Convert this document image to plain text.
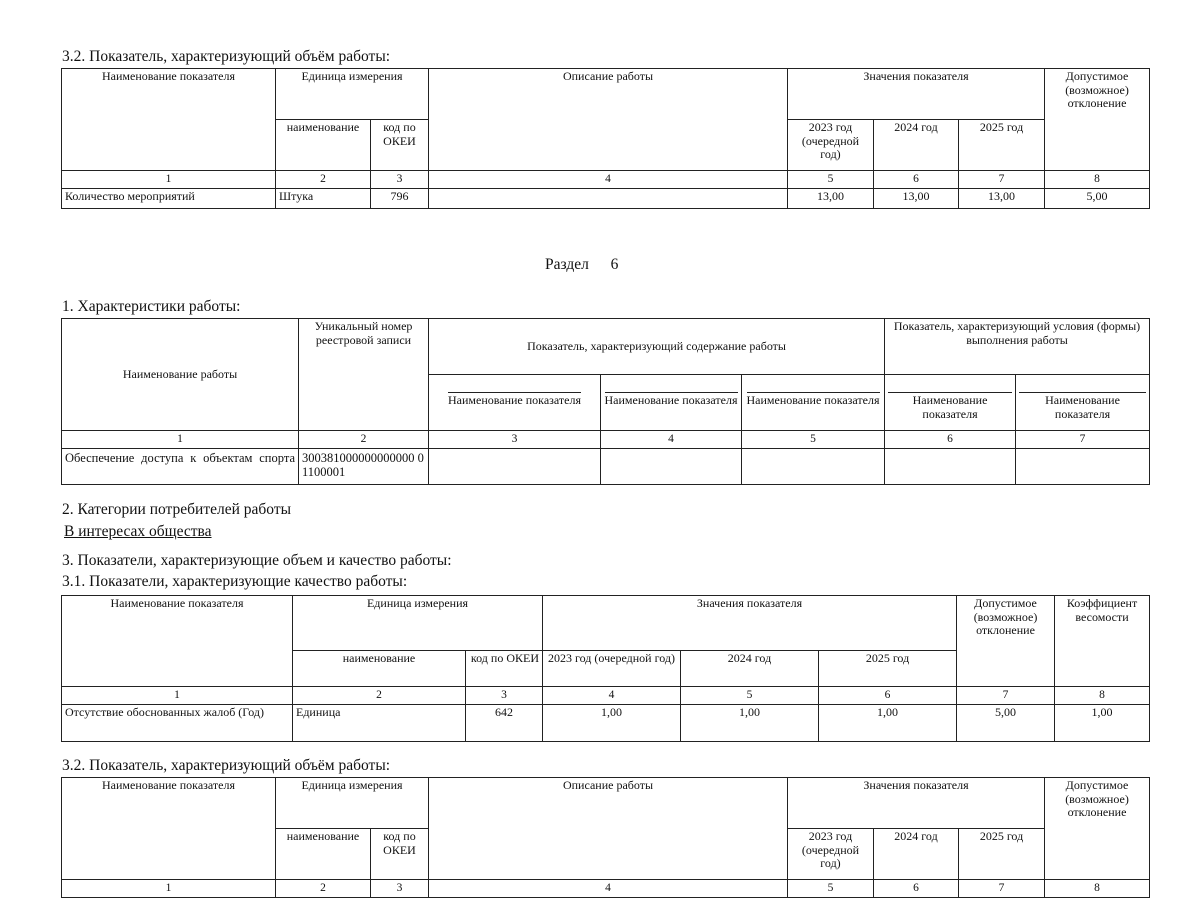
3.2. Показатель, характеризующий объём работы:
Наименование показателя	Единица измерения		Описание работы	Значения показателя			Допустимое (возможное) отклонение
	наименование	код по ОКЕИ		2023 год (очередной год)	2024 год	2025 год	
1	2	3	4	5	6	7	8
Количество мероприятий	Штука	796		13,00	13,00	13,00	5,00
Раздел 6
1. Характеристики работы:
Наименование работы	Уникальный номер реестровой записи	Показатель, характеризующий содержание работы			Показатель, характеризующий условия (формы) выполнения работы	
		Наименование показателя	Наименование показателя	Наименование показателя	Наименование показателя	Наименование показателя
1	2	3	4	5	6	7
Обеспечение доступа к объектам спорта	300381000000000000 01100001					
2. Категории потребителей работы
В интересах общества
3. Показатели, характеризующие объем и качество работы:
3.1. Показатели, характеризующие качество работы:
Наименование показателя	Единица измерения		Значения показателя			Допустимое (возможное) отклонение	Коэффициент весомости
	наименование	код по ОКЕИ	2023 год (очередной год)	2024 год	2025 год		
1	2	3	4	5	6	7	8
Отсутствие обоснованных жалоб (Год)	Единица	642	1,00	1,00	1,00	5,00	1,00
3.2. Показатель, характеризующий объём работы:
Наименование показателя	Единица измерения		Описание работы	Значения показателя			Допустимое (возможное) отклонение
	наименование	код по ОКЕИ		2023 год (очередной год)	2024 год	2025 год	
1	2	3	4	5	6	7	8
